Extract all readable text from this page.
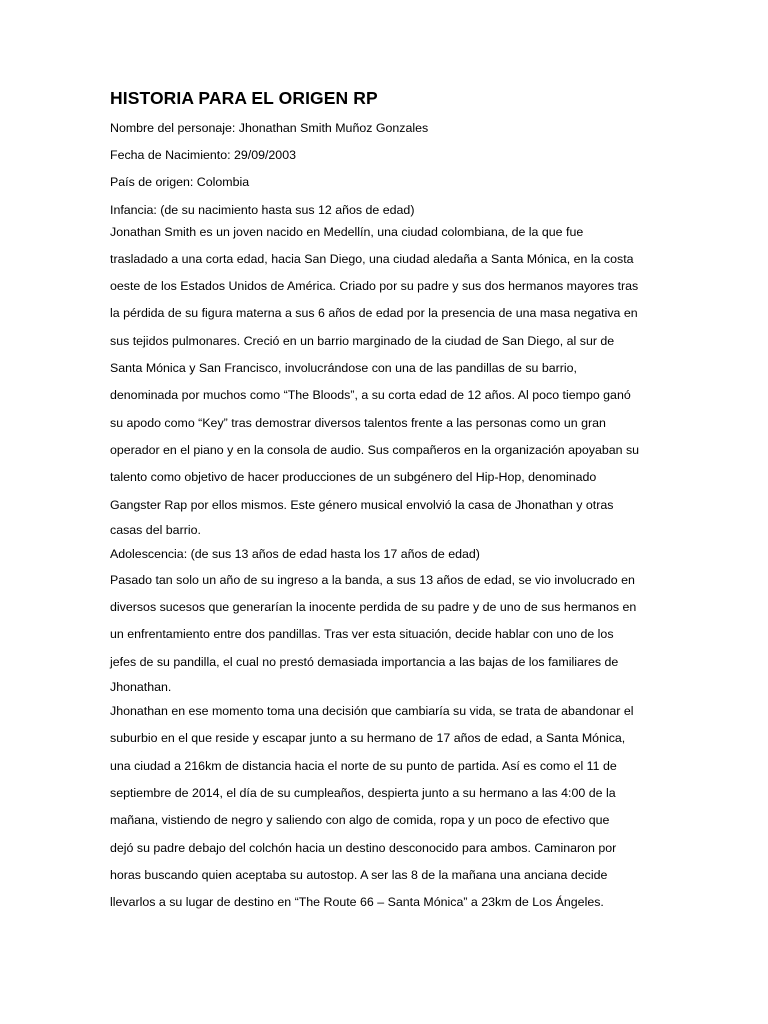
HISTORIA PARA EL ORIGEN RP
Nombre del personaje: Jhonathan Smith Muñoz Gonzales
Fecha de Nacimiento: 29/09/2003
País de origen: Colombia
Infancia: (de su nacimiento hasta sus 12 años de edad)

Jonathan Smith es un joven nacido en Medellín, una ciudad colombiana, de la que fue

trasladado a una corta edad, hacia San Diego, una ciudad aledaña a Santa Mónica, en la costa

oeste de los Estados Unidos de América. Criado por su padre y sus dos hermanos mayores tras

la pérdida de su figura materna a sus 6 años de edad por la presencia de una masa negativa en

sus tejidos pulmonares. Creció en un barrio marginado de la ciudad de San Diego, al sur de

Santa Mónica y San Francisco, involucrándose con una de las pandillas de su barrio,

denominada por muchos como “The Bloods”, a su corta edad de 12 años. Al poco tiempo ganó

su apodo como “Key” tras demostrar diversos talentos frente a las personas como un gran

operador en el piano y en la consola de audio. Sus compañeros en la organización apoyaban su

talento como objetivo de hacer producciones de un subgénero del Hip-Hop, denominado

Gangster Rap por ellos mismos. Este género musical envolvió la casa de Jhonathan y otras

casas del barrio.

Adolescencia: (de sus 13 años de edad hasta los 17 años de edad)

Pasado tan solo un año de su ingreso a la banda, a sus 13 años de edad, se vio involucrado en

diversos sucesos que generarían la inocente perdida de su padre y de uno de sus hermanos en

un enfrentamiento entre dos pandillas. Tras ver esta situación, decide hablar con uno de los

jefes de su pandilla, el cual no prestó demasiada importancia a las bajas de los familiares de

Jhonathan.

Jhonathan en ese momento toma una decisión que cambiaría su vida, se trata de abandonar el

suburbio en el que reside y escapar junto a su hermano de 17 años de edad, a Santa Mónica,

una ciudad a 216km de distancia hacia el norte de su punto de partida. Así es como el 11 de

septiembre de 2014, el día de su cumpleaños, despierta junto a su hermano a las 4:00 de la

mañana, vistiendo de negro y saliendo con algo de comida, ropa y un poco de efectivo que

dejó su padre debajo del colchón hacia un destino desconocido para ambos. Caminaron por

horas buscando quien aceptaba su autostop. A ser las 8 de la mañana una anciana decide

llevarlos a su lugar de destino en “The Route 66 – Santa Mónica” a 23km de Los Ángeles.
